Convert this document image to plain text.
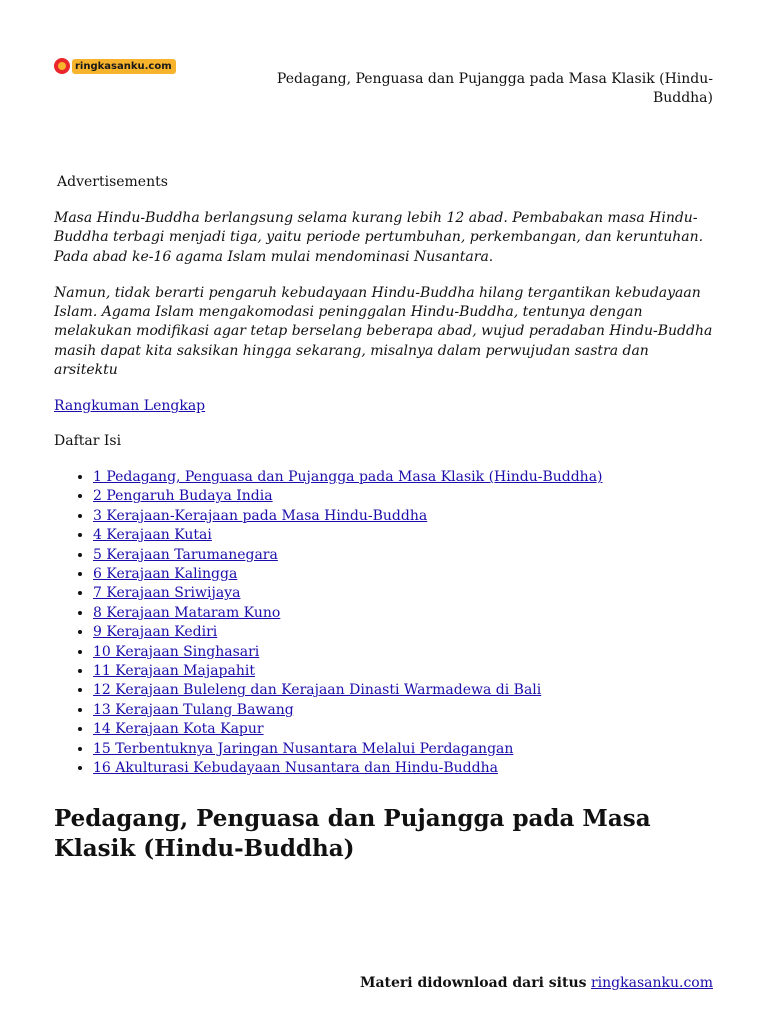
ringkasanku.com
Pedagang, Penguasa dan Pujangga pada Masa Klasik (Hindu-Buddha)
Advertisements

Masa Hindu-Buddha berlangsung selama kurang lebih 12 abad. Pembabakan masa Hindu-Buddha terbagi menjadi tiga, yaitu periode pertumbuhan, perkembangan, dan keruntuhan. Pada abad ke-16 agama Islam mulai mendominasi Nusantara.

Namun, tidak berarti pengaruh kebudayaan Hindu-Buddha hilang tergantikan kebudayaan Islam. Agama Islam mengakomodasi peninggalan Hindu-Buddha, tentunya dengan melakukan modifikasi agar tetap berselang beberapa abad, wujud peradaban Hindu-Buddha masih dapat kita saksikan hingga sekarang, misalnya dalam perwujudan sastra dan arsitektu

Rangkuman Lengkap

Daftar Isi

• 1 Pedagang, Penguasa dan Pujangga pada Masa Klasik (Hindu-Buddha)
• 2 Pengaruh Budaya India
• 3 Kerajaan-Kerajaan pada Masa Hindu-Buddha
• 4 Kerajaan Kutai
• 5 Kerajaan Tarumanegara
• 6 Kerajaan Kalingga
• 7 Kerajaan Sriwijaya
• 8 Kerajaan Mataram Kuno
• 9 Kerajaan Kediri
• 10 Kerajaan Singhasari
• 11 Kerajaan Majapahit
• 12 Kerajaan Buleleng dan Kerajaan Dinasti Warmadewa di Bali
• 13 Kerajaan Tulang Bawang
• 14 Kerajaan Kota Kapur
• 15 Terbentuknya Jaringan Nusantara Melalui Perdagangan
• 16 Akulturasi Kebudayaan Nusantara dan Hindu-Buddha
Pedagang, Penguasa dan Pujangga pada Masa Klasik (Hindu-Buddha)
Materi didownload dari situs ringkasanku.com
